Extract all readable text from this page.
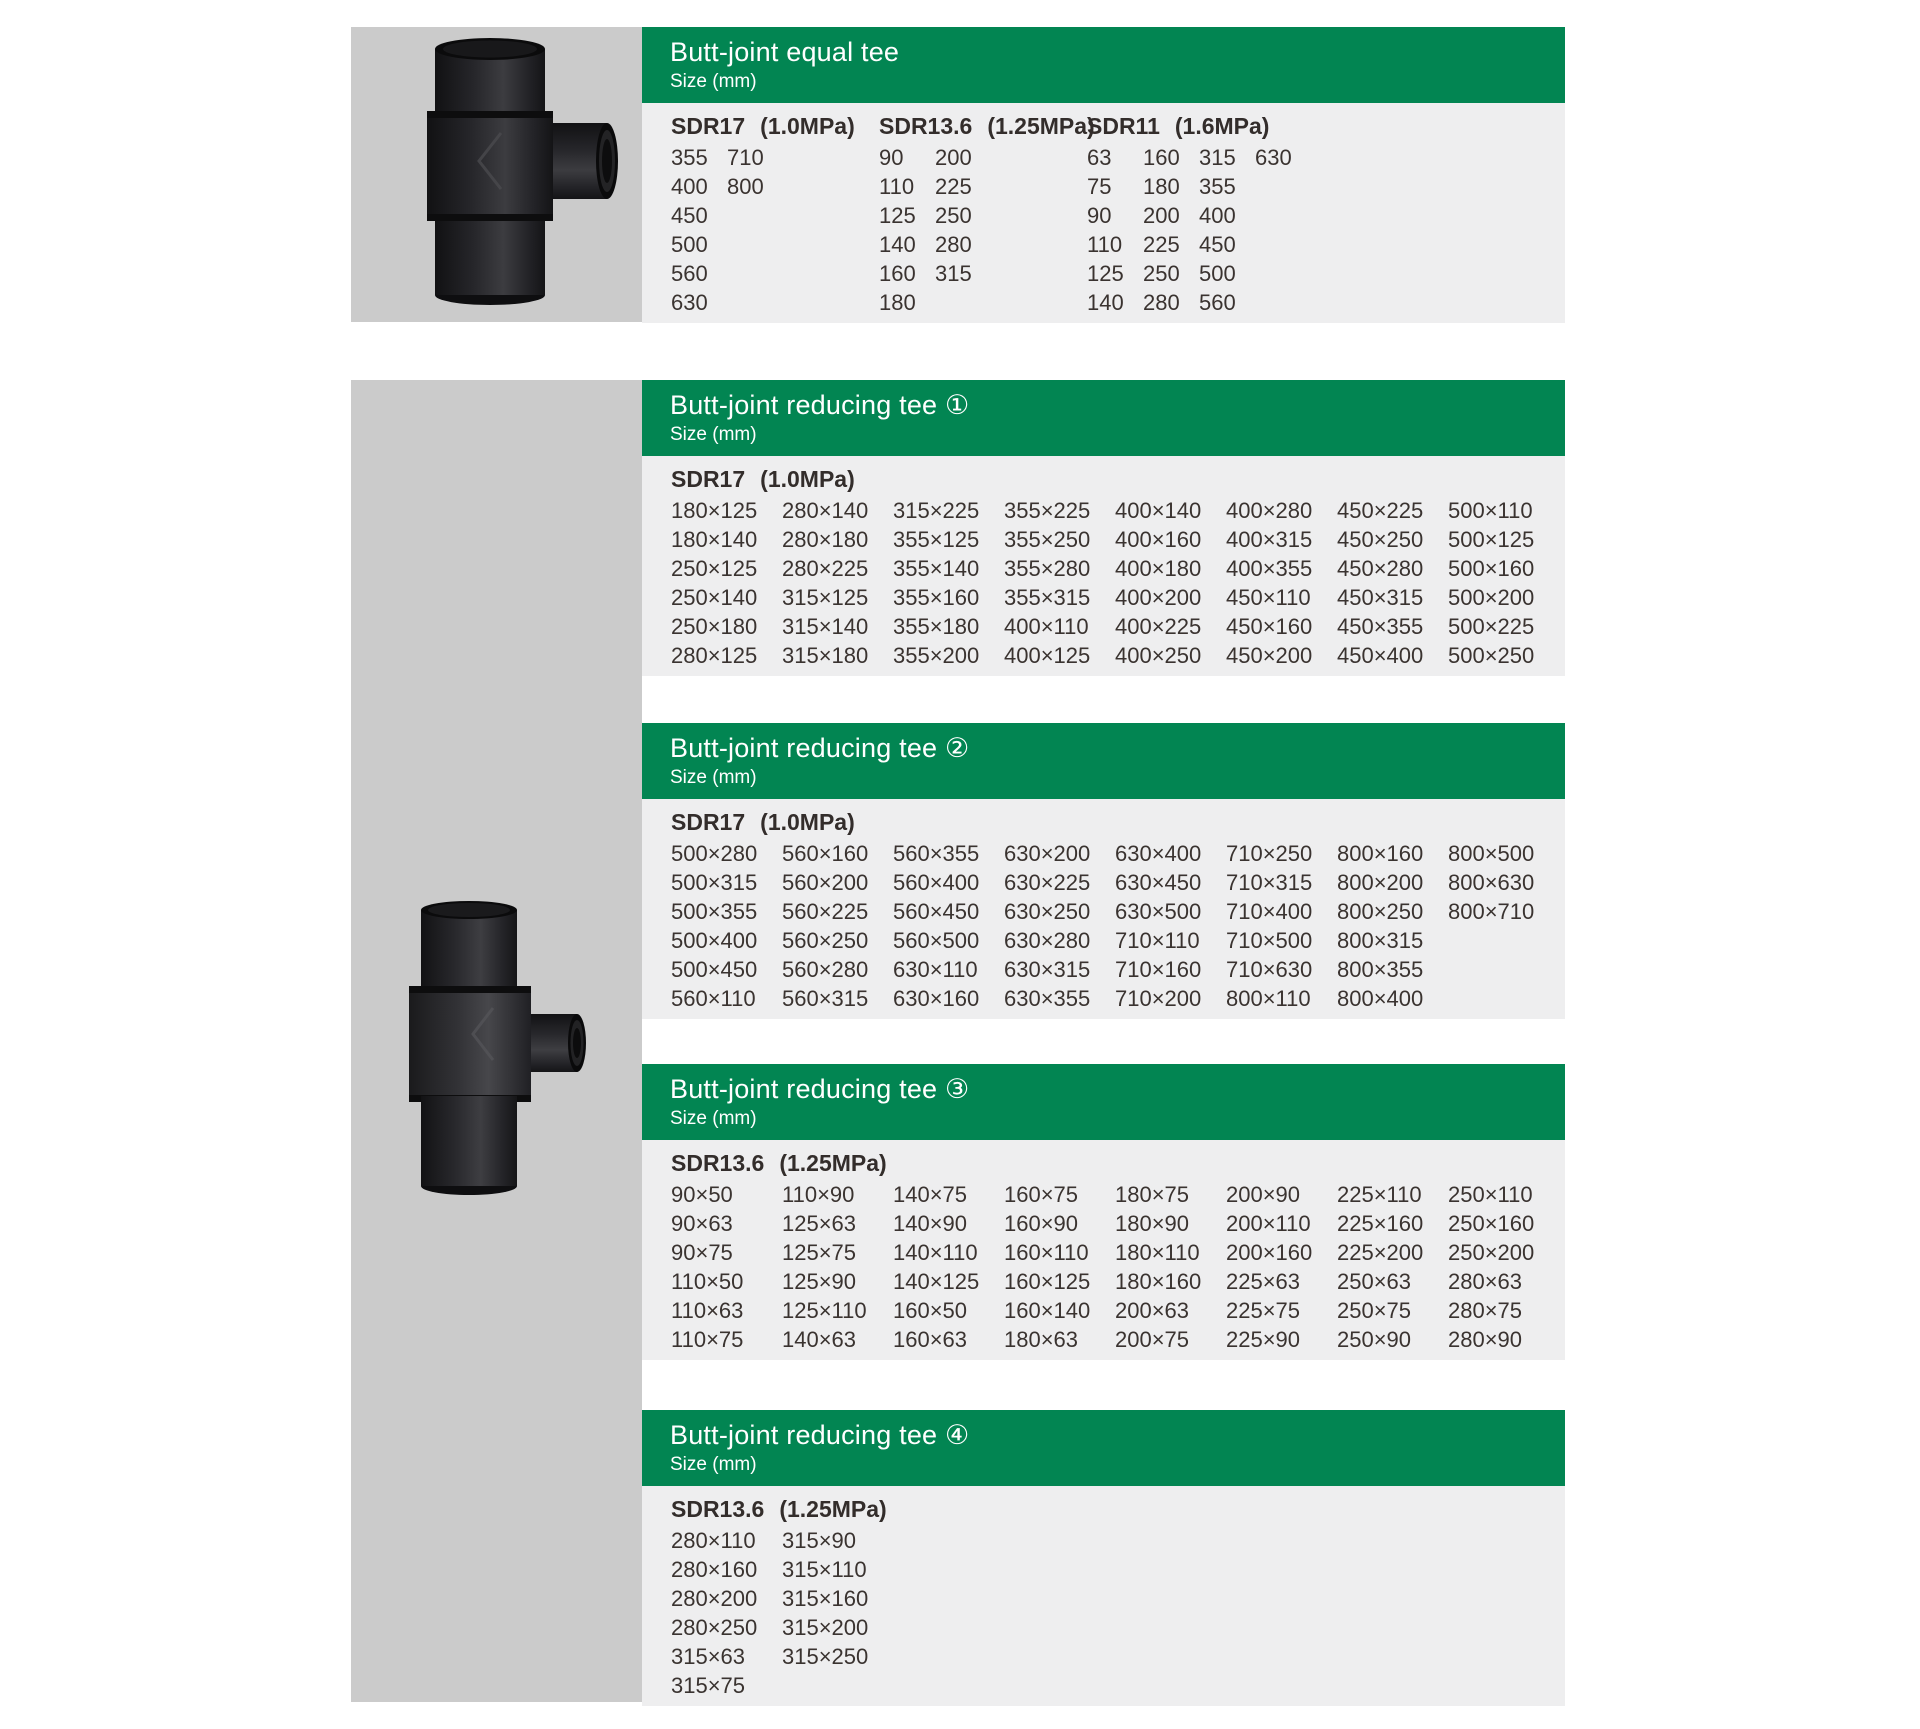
Butt-joint equal tee
Size (mm)
SDR17 (1.0MPa)
355
400
450
500
560
630
710
800
SDR13.6 (1.25MPa)
90
110
125
140
160
180
200
225
250
280
315
SDR11 (1.6MPa)
63
75
90
110
125
140
160
180
200
225
250
280
315
355
400
450
500
560
630
Butt-joint reducing tee ①
Size (mm)
SDR17 (1.0MPa)
180×125
180×140
250×125
250×140
250×180
280×125
280×140
280×180
280×225
315×125
315×140
315×180
315×225
355×125
355×140
355×160
355×180
355×200
355×225
355×250
355×280
355×315
400×110
400×125
400×140
400×160
400×180
400×200
400×225
400×250
400×280
400×315
400×355
450×110
450×160
450×200
450×225
450×250
450×280
450×315
450×355
450×400
500×110
500×125
500×160
500×200
500×225
500×250
Butt-joint reducing tee ②
Size (mm)
SDR17 (1.0MPa)
500×280
500×315
500×355
500×400
500×450
560×110
560×160
560×200
560×225
560×250
560×280
560×315
560×355
560×400
560×450
560×500
630×110
630×160
630×200
630×225
630×250
630×280
630×315
630×355
630×400
630×450
630×500
710×110
710×160
710×200
710×250
710×315
710×400
710×500
710×630
800×110
800×160
800×200
800×250
800×315
800×355
800×400
800×500
800×630
800×710
Butt-joint reducing tee ③
Size (mm)
SDR13.6 (1.25MPa)
90×50
90×63
90×75
110×50
110×63
110×75
110×90
125×63
125×75
125×90
125×110
140×63
140×75
140×90
140×110
140×125
160×50
160×63
160×75
160×90
160×110
160×125
160×140
180×63
180×75
180×90
180×110
180×160
200×63
200×75
200×90
200×110
200×160
225×63
225×75
225×90
225×110
225×160
225×200
250×63
250×75
250×90
250×110
250×160
250×200
280×63
280×75
280×90
Butt-joint reducing tee ④
Size (mm)
SDR13.6 (1.25MPa)
280×110
280×160
280×200
280×250
315×63
315×75
315×90
315×110
315×160
315×200
315×250
